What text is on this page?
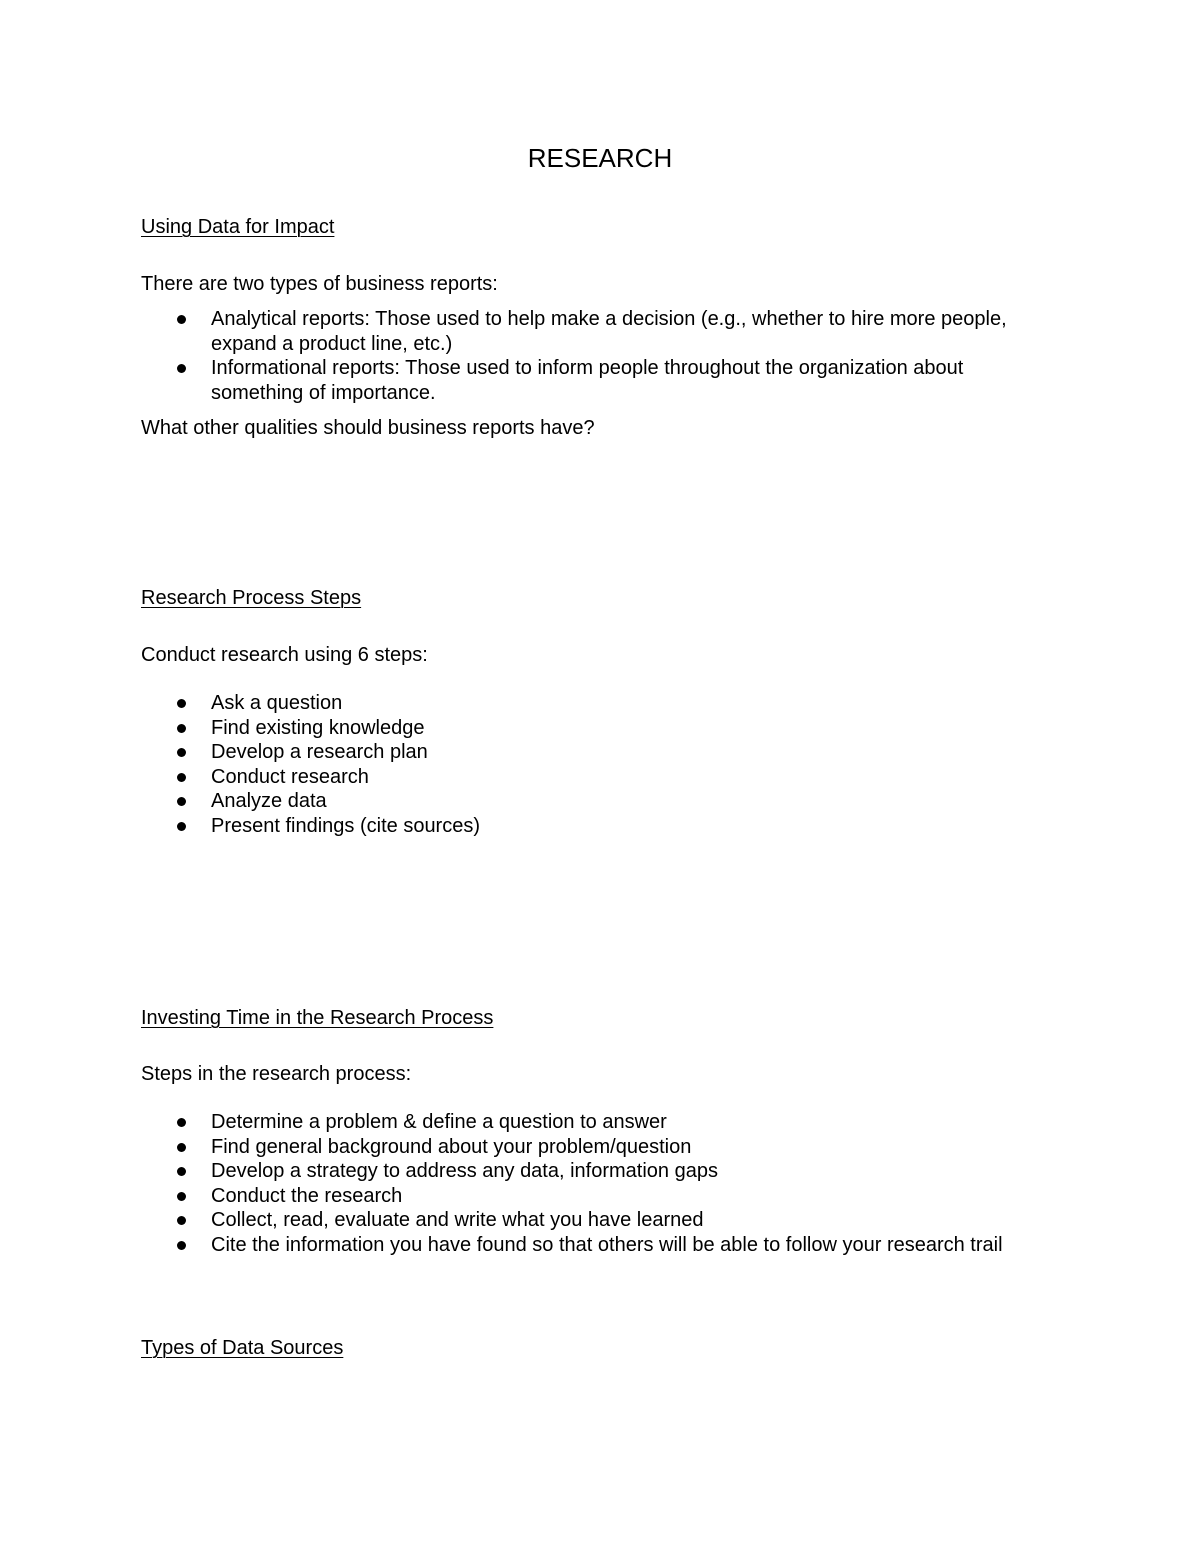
RESEARCH
Using Data for Impact

There are two types of business reports:

Analytical reports: Those used to help make a decision (e.g., whether to hire more people, expand a product line, etc.)
Informational reports: Those used to inform people throughout the organization about something of importance.

What other qualities should business reports have?

Research Process Steps

Conduct research using 6 steps:

Ask a question
Find existing knowledge
Develop a research plan
Conduct research
Analyze data
Present findings (cite sources)
Investing Time in the Research Process

Steps in the research process:

Determine a problem & define a question to answer
Find general background about your problem/question
Develop a strategy to address any data, information gaps
Conduct the research
Collect, read, evaluate and write what you have learned
Cite the information you have found so that others will be able to follow your research trail
Types of Data Sources
